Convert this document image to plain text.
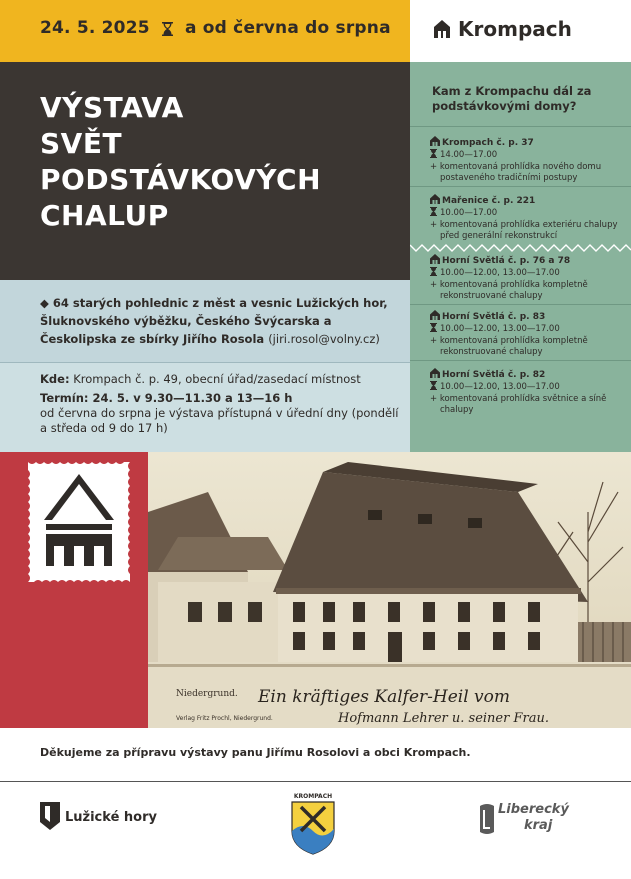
24. 5. 2025 a od června do srpna	Krompach
VÝSTAVA
SVĚT
PODSTÁVKOVÝCH
CHALUP
◆ 64 starých pohlednic z měst a vesnic Lužických hor, Šluknovského výběžku, Českého Švýcarska a Českolipska ze sbírky Jiřího Rosola (jiri.rosol@volny.cz)
Kde: Krompach č. p. 49, obecní úřad/zasedací místnost
Termín: 24. 5. v 9.30—11.30 a 13—16 h
od června do srpna je výstava přístupná v úřední dny (pondělí a středa od 9 do 17 h)
Kam z Krompachu dál za podstávkovými domy?
Krompach č. p. 37
14.00—17.00
+ komentovaná prohlídka nového domu postaveného tradičními postupy
Mařenice č. p. 221
10.00—17.00
+ komentovaná prohlídka exteriéru chalupy před generální rekonstrukcí
Horní Světlá č. p. 76 a 78
10.00—12.00, 13.00—17.00
+ komentovaná prohlídka kompletně rekonstruované chalupy
Horní Světlá č. p. 83
10.00—12.00, 13.00—17.00
+ komentovaná prohlídka kompletně rekonstruované chalupy
Horní Světlá č. p. 82
10.00—12.00, 13.00—17.00
+ komentovaná prohlídka světnice a síně chalupy
Niedergrund.
Verlag Fritz Prochl, Niedergrund.
Ein kräftiges Kalfer-Heil vom
Hofmann Lehrer u. seiner Frau.
Děkujeme za přípravu výstavy panu Jiřímu Rosolovi a obci Krompach.
Lužické hory
KROMPACH
Liberecký
kraj
